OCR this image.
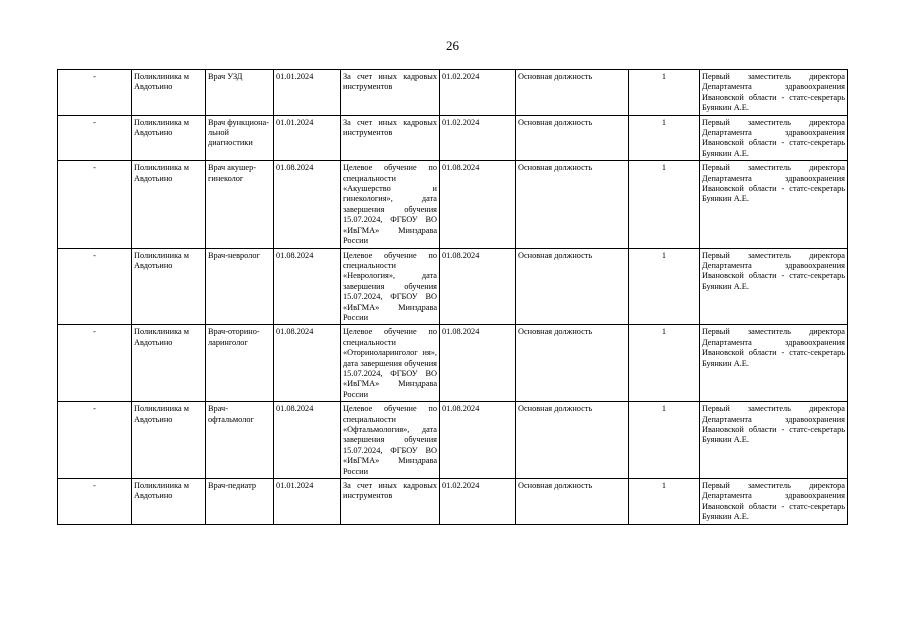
26
-	Поликлиника м Авдотьино	Врач УЗД	01.01.2024	За счет иных кадровых инструментов	01.02.2024	Основная должность	1	Первый заместитель директора Департамента здравоохранения Ивановской области - статс-секретарь Буянкин А.Е.
-	Поликлиника м Авдотьино	Врач функциона-льной диагностики	01.01.2024	За счет иных кадровых инструментов	01.02.2024	Основная должность	1	Первый заместитель директора Департамента здравоохранения Ивановской области - статс-секретарь Буянкин А.Е.
-	Поликлиника м Авдотьино	Врач акушер-гинеколог	01.08.2024	Целевое обучение по специальности «Акушерство и гинекология», дата завершения обучения 15.07.2024, ФГБОУ ВО «ИвГМА» Минздрава России	01.08.2024	Основная должность	1	Первый заместитель директора Департамента здравоохранения Ивановской области - статс-секретарь Буянкин А.Е.
-	Поликлиника м Авдотьино	Врач-невролог	01.08.2024	Целевое обучение по специальности «Неврология», дата завершения обучения 15.07.2024, ФГБОУ ВО «ИвГМА» Минздрава России	01.08.2024	Основная должность	1	Первый заместитель директора Департамента здравоохранения Ивановской области - статс-секретарь Буянкин А.Е.
-	Поликлиника м Авдотьино	Врач-оторино-ларинголог	01.08.2024	Целевое обучение по специальности «Оториноларинголог ия», дата завершения обучения 15.07.2024, ФГБОУ ВО «ИвГМА» Минздрава России	01.08.2024	Основная должность	1	Первый заместитель директора Департамента здравоохранения Ивановской области - статс-секретарь Буянкин А.Е.
-	Поликлиника м Авдотьино	Врач-офтальмолог	01.08.2024	Целевое обучение по специальности «Офтальмология», дата завершения обучения 15.07.2024, ФГБОУ ВО «ИвГМА» Минздрава России	01.08.2024	Основная должность	1	Первый заместитель директора Департамента здравоохранения Ивановской области - статс-секретарь Буянкин А.Е.
-	Поликлиника м Авдотьино	Врач-педиатр	01.01.2024	За счет иных кадровых инструментов	01.02.2024	Основная должность	1	Первый заместитель директора Департамента здравоохранения Ивановской области - статс-секретарь Буянкин А.Е.
